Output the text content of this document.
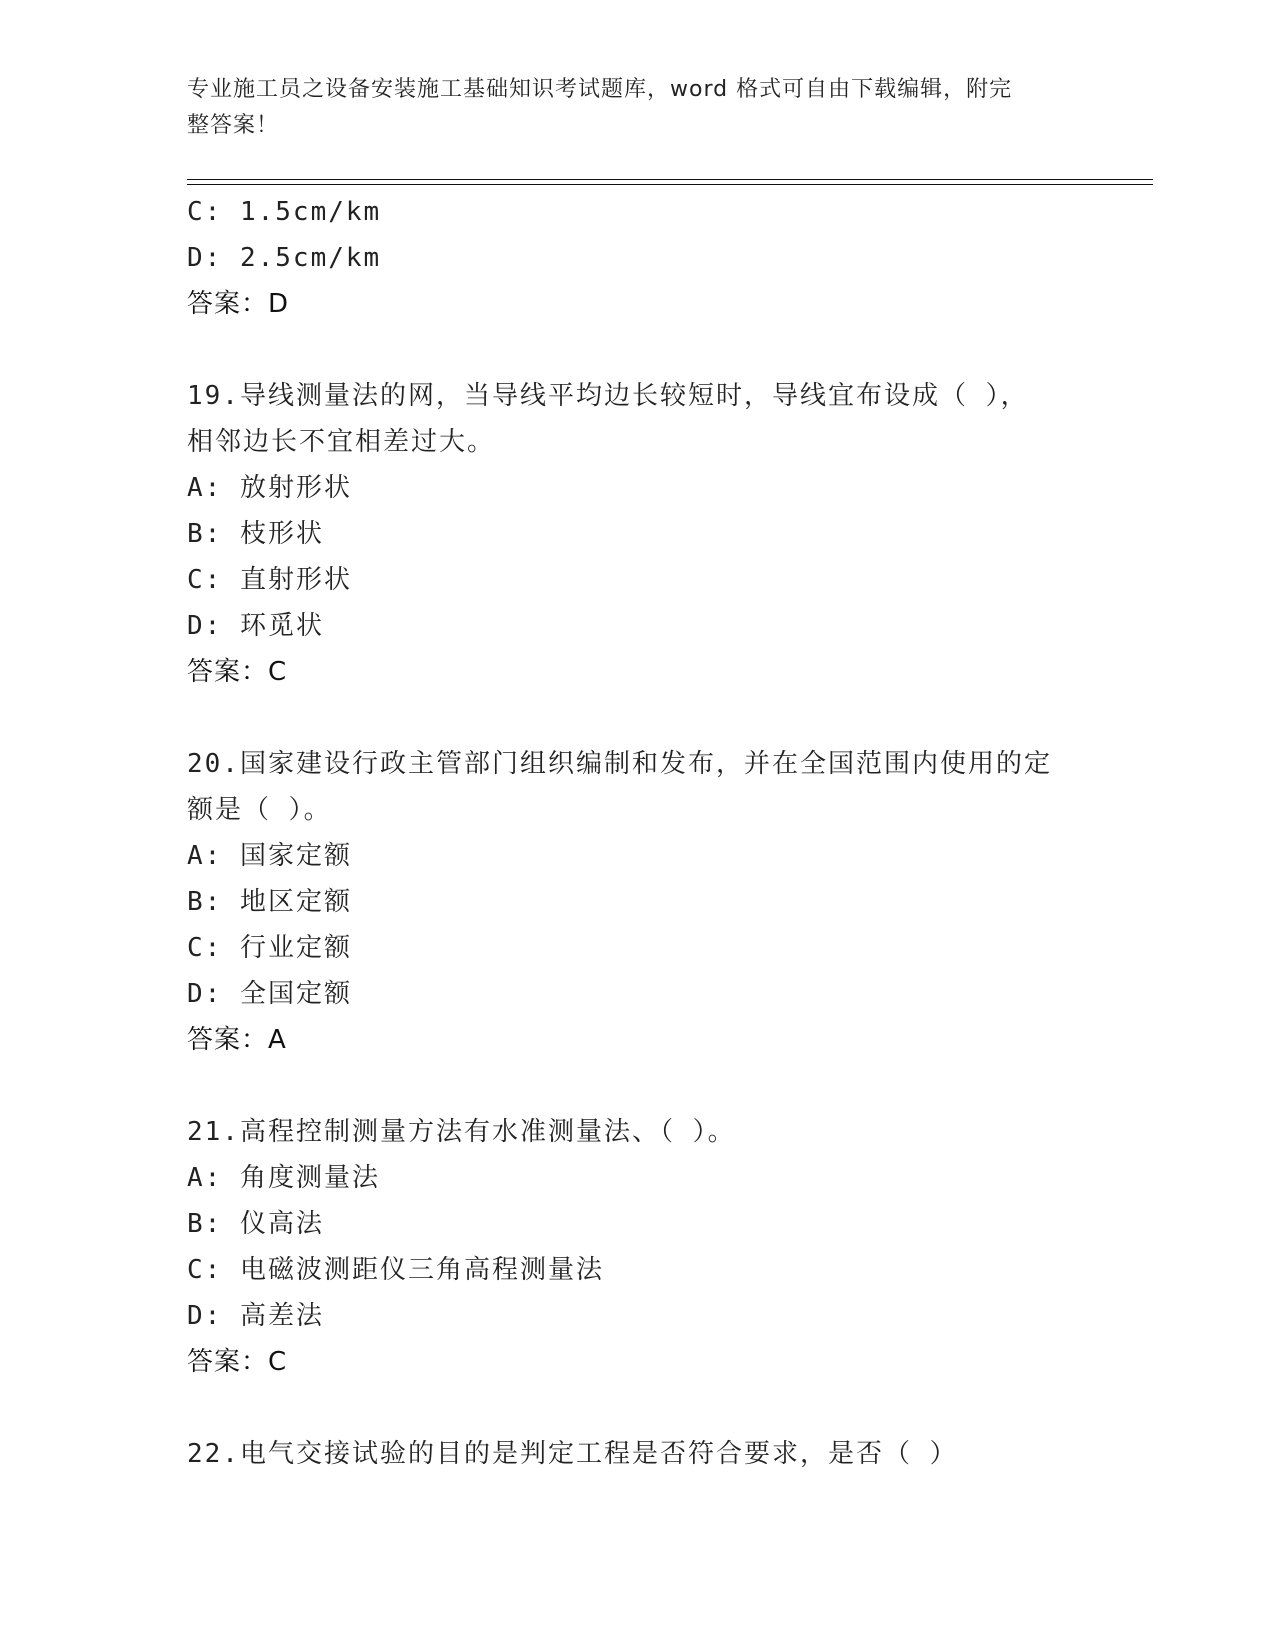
专业施工员之设备安装施工基础知识考试题库，word 格式可自由下载编辑，附完
整答案！
C: 1.5cm/km
D: 2.5cm/km
答案：D
19.导线测量法的网，当导线平均边长较短时，导线宜布设成（ ），
相邻边长不宜相差过大。
A: 放射形状
B: 枝形状
C: 直射形状
D: 环觅状
答案：C
20.国家建设行政主管部门组织编制和发布，并在全国范围内使用的定
额是（ ）。
A: 国家定额
B: 地区定额
C: 行业定额
D: 全国定额
答案：A
21.高程控制测量方法有水准测量法、（ ）。
A: 角度测量法
B: 仪高法
C: 电磁波测距仪三角高程测量法
D: 高差法
答案：C
22.电气交接试验的目的是判定工程是否符合要求，是否（ ）
